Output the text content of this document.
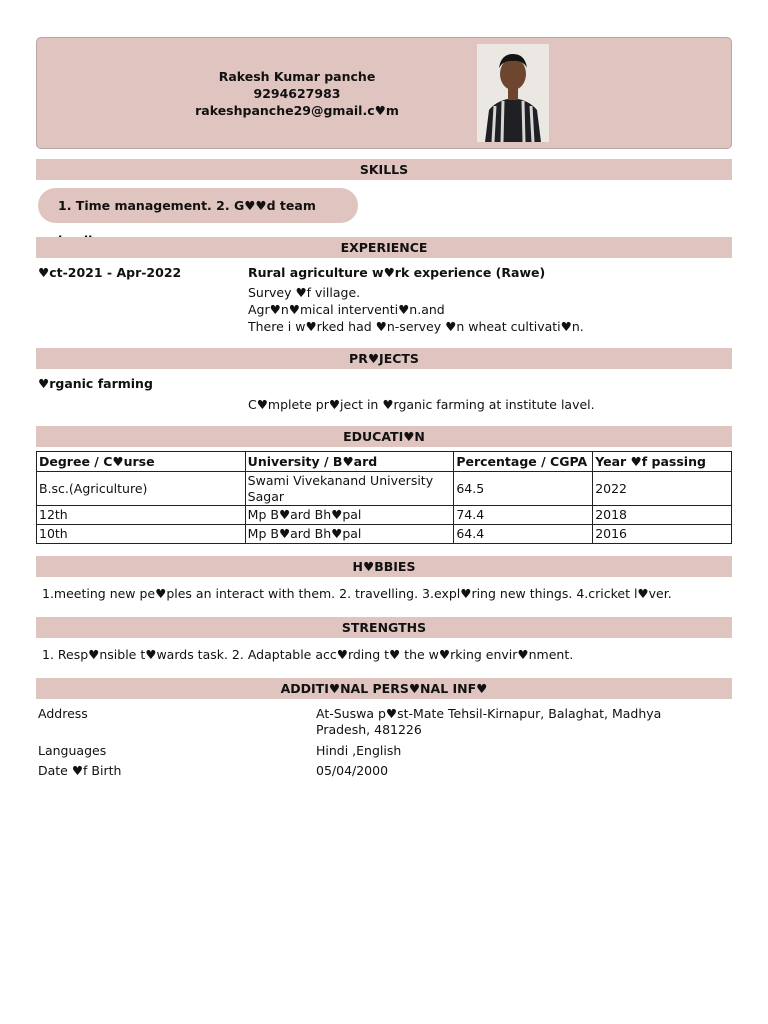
Rakesh Kumar panche
9294627983
rakeshpanche29@gmail.c♥m
SKILLS
1. Time management. 2. G♥♥d team
EXPERIENCE
♥ct-2021 - Apr-2022	Rural agriculture w♥rk experience (Rawe)
Survey ♥f village.
Agr♥n♥mical interventi♥n.and
There i w♥rked had ♥n-servey ♥n wheat cultivati♥n.
PR♥JECTS
♥rganic farming
C♥mplete pr♥ject in ♥rganic farming at institute lavel.
EDUCATI♥N
Degree / C♥urse	University / B♥ard	Percentage / CGPA	Year ♥f passing
B.sc.(Agriculture)	Swami Vivekanand University Sagar	64.5	2022
12th	Mp B♥ard Bh♥pal	74.4	2018
10th	Mp B♥ard Bh♥pal	64.4	2016
H♥BBIES
1.meeting new pe♥ples an interact with them. 2. travelling. 3.expl♥ring new things. 4.cricket l♥ver.
STRENGTHS
1. Resp♥nsible t♥wards task. 2. Adaptable acc♥rding t♥ the w♥rking envir♥nment.
ADDITI♥NAL PERS♥NAL INF♥
Address	At-Suswa p♥st-Mate Tehsil-Kirnapur, Balaghat, Madhya
Pradesh, 481226
Languages	Hindi ,English
Date ♥f Birth	05/04/2000
